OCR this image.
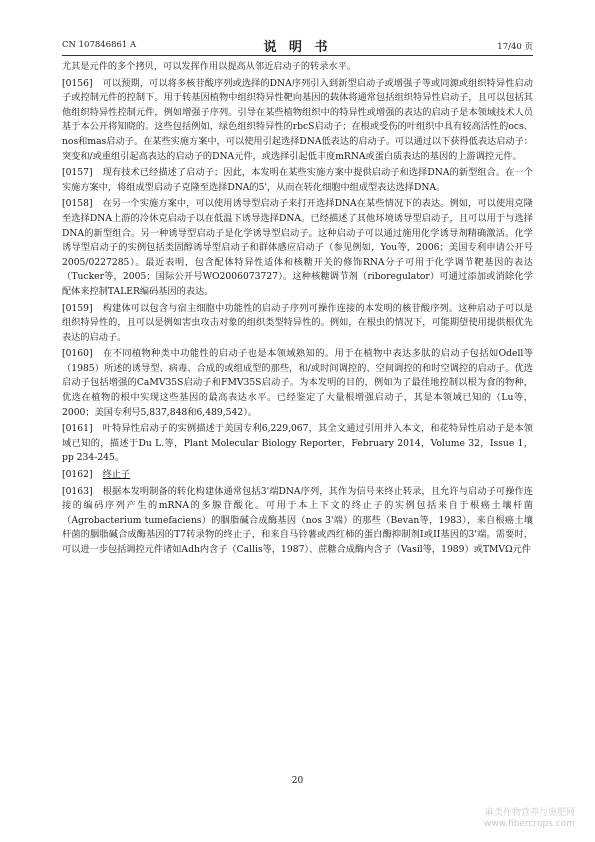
CN 107846861 A	说 明 书	17/40 页
尤其是元件的多个拷贝，可以发挥作用以提高从邻近启动子的转录水平。
[0156] 可以预期，可以将多核苷酸序列或选择的DNA序列引入到新型启动子或增强子等或同源或组织特异性启动子或控制元件的控制下。用于转基因植物中组织特异性靶向基因的载体将通常包括组织特异性启动子，且可以包括其他组织特异性控制元件，例如增强子序列。引导在某些植物组织中的特异性或增强的表达的启动子是本领域技术人员基于本公开将知晓的。这些包括例如，绿色组织特异性的rbcS启动子；在根或受伤的叶组织中具有较高活性的ocs、nos和mas启动子。在某些实施方案中，可以使用引起选择DNA低表达的启动子。可以通过以下获得低表达启动子：突变和/或重组引起高表达的启动子的DNA元件，或选择引起低丰度mRNA或蛋白质表达的基因的上游调控元件。
[0157] 现有技术已经描述了启动子；因此，本发明在某些实施方案中提供启动子和选择DNA的新型组合。在一个实施方案中，将组成型启动子克隆至选择DNA的5'，从而在转化细胞中组成型表达选择DNA。
[0158] 在另一个实施方案中，可以使用诱导型启动子来打开选择DNA在某些情况下的表达。例如，可以使用克隆至选择DNA上游的冷休克启动子以在低温下诱导选择DNA。已经描述了其他环境诱导型启动子，且可以用于与选择DNA的新型组合。另一种诱导型启动子是化学诱导型启动子。这种启动子可以通过施用化学诱导剂精确激活。化学诱导型启动子的实例包括类固醇诱导型启动子和群体感应启动子（参见例如，You等，2006；美国专利申请公开号2005/0227285）。最近表明，包含配体特异性适体和核糖开关的修饰RNA分子可用于化学调节靶基因的表达（Tucker等，2005；国际公开号WO2006073727）。这种核糖调节剂（riboregulator）可通过添加或消除化学配体来控制TALER编码基因的表达。
[0159] 构建体可以包含与宿主细胞中功能性的启动子序列可操作连接的本发明的核苷酸序列。这种启动子可以是组织特异性的，且可以是例如害虫攻击对象的组织类型特异性的。例如，在根虫的情况下，可能期望使用提供根优先表达的启动子。
[0160] 在不同植物种类中功能性的启动子也是本领域熟知的。用于在植物中表达多肽的启动子包括如Odell等（1985）所述的诱导型、病毒、合成的或组成型的那些，和/或时间调控的、空间调控的和时空调控的启动子。优选启动子包括增强的CaMV35S启动子和FMV35S启动子。为本发明的目的，例如为了最佳地控制以根为食的物种，优选在植物的根中实现这些基因的最高表达水平。已经鉴定了大量根增强启动子，其是本领域已知的（Lu等，2000；美国专利号5,837,848和6,489,542）。
[0161] 叶特异性启动子的实例描述于美国专利6,229,067，其全文通过引用并入本文，和花特异性启动子是本领域已知的，描述于Du L.等，Plant Molecular Biology Reporter，February 2014，Volume 32，Issue 1，pp 234-245。
[0162] 终止子
[0163] 根据本发明制备的转化构建体通常包括3'端DNA序列，其作为信号来终止转录，且允许与启动子可操作连接的编码序列产生的mRNA的多腺苷酸化。可用于本上下文的终止子的实例包括来自于根癌土壤杆菌（Agrobacterium tumefaciens）的胭脂碱合成酶基因（nos 3'端）的那些（Bevan等，1983），来自根癌土壤杆菌的胭脂碱合成酶基因的T7转录物的终止子，和来自马铃薯或西红柿的蛋白酶抑制剂I或II基因的3'端。需要时，可以进一步包括调控元件诸如Adh内含子（Callis等，1987）、蔗糖合成酶内含子（Vasil等，1989）或TMVΩ元件
20
麻类作物营养与施肥网
www.fibercrops.com
